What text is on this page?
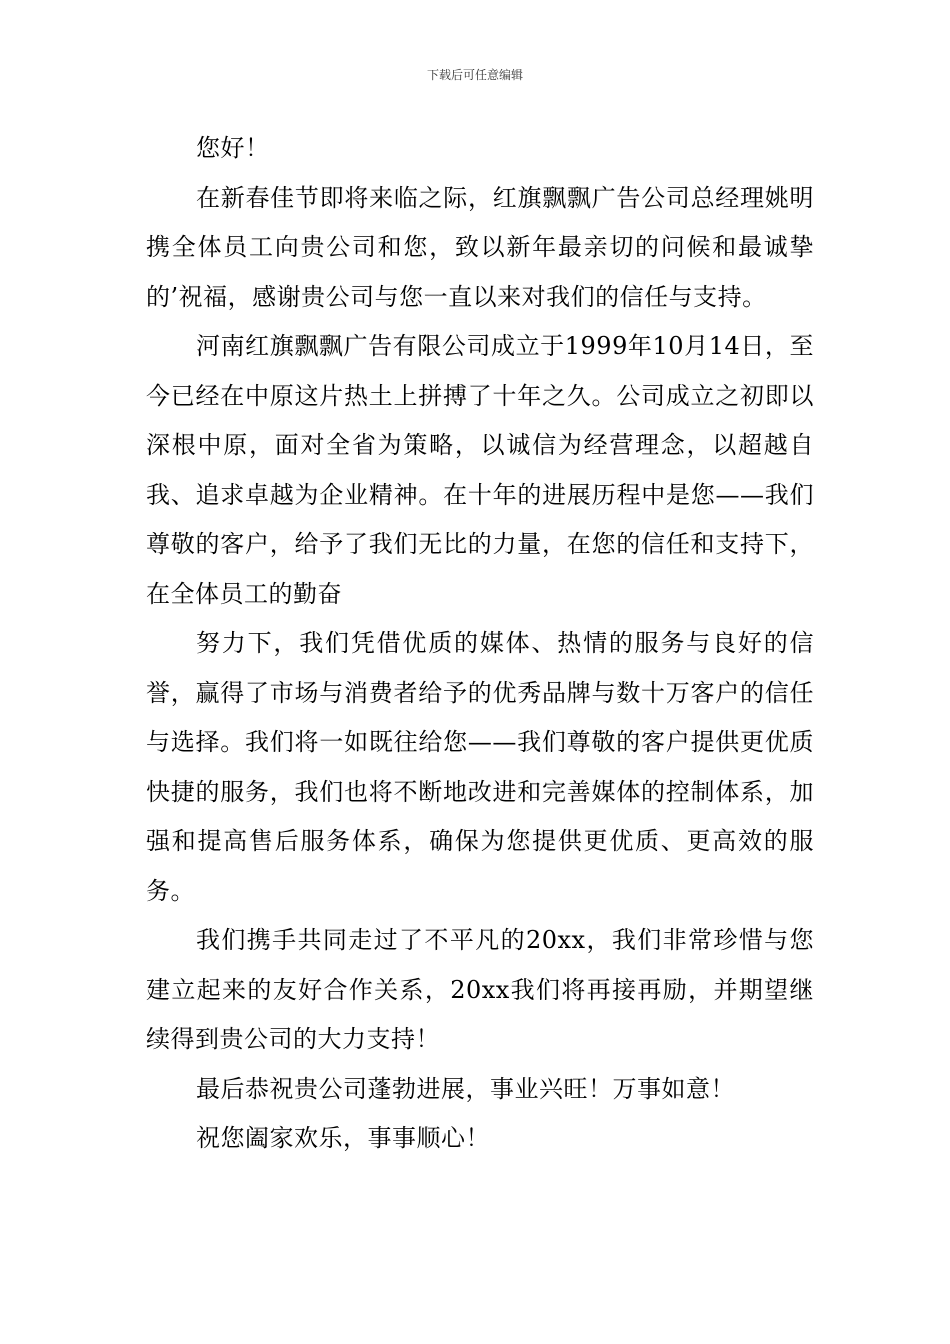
下载后可任意编辑

您好！

在新春佳节即将来临之际，红旗飘飘广告公司总经理姚明携全体员工向贵公司和您，致以新年最亲切的问候和最诚挚的’祝福，感谢贵公司与您一直以来对我们的信任与支持。

河南红旗飘飘广告有限公司成立于1999年10月14日，至今已经在中原这片热土上拼搏了十年之久。公司成立之初即以深根中原，面对全省为策略，以诚信为经营理念，以超越自我、追求卓越为企业精神。在十年的进展历程中是您——我们尊敬的客户，给予了我们无比的力量，在您的信任和支持下，在全体员工的勤奋

努力下，我们凭借优质的媒体、热情的服务与良好的信誉，赢得了市场与消费者给予的优秀品牌与数十万客户的信任与选择。我们将一如既往给您——我们尊敬的客户提供更优质快捷的服务，我们也将不断地改进和完善媒体的控制体系，加强和提高售后服务体系，确保为您提供更优质、更高效的服务。

我们携手共同走过了不平凡的20xx，我们非常珍惜与您建立起来的友好合作关系，20xx我们将再接再励，并期望继续得到贵公司的大力支持！

最后恭祝贵公司蓬勃进展，事业兴旺！万事如意！

祝您阖家欢乐，事事顺心！
